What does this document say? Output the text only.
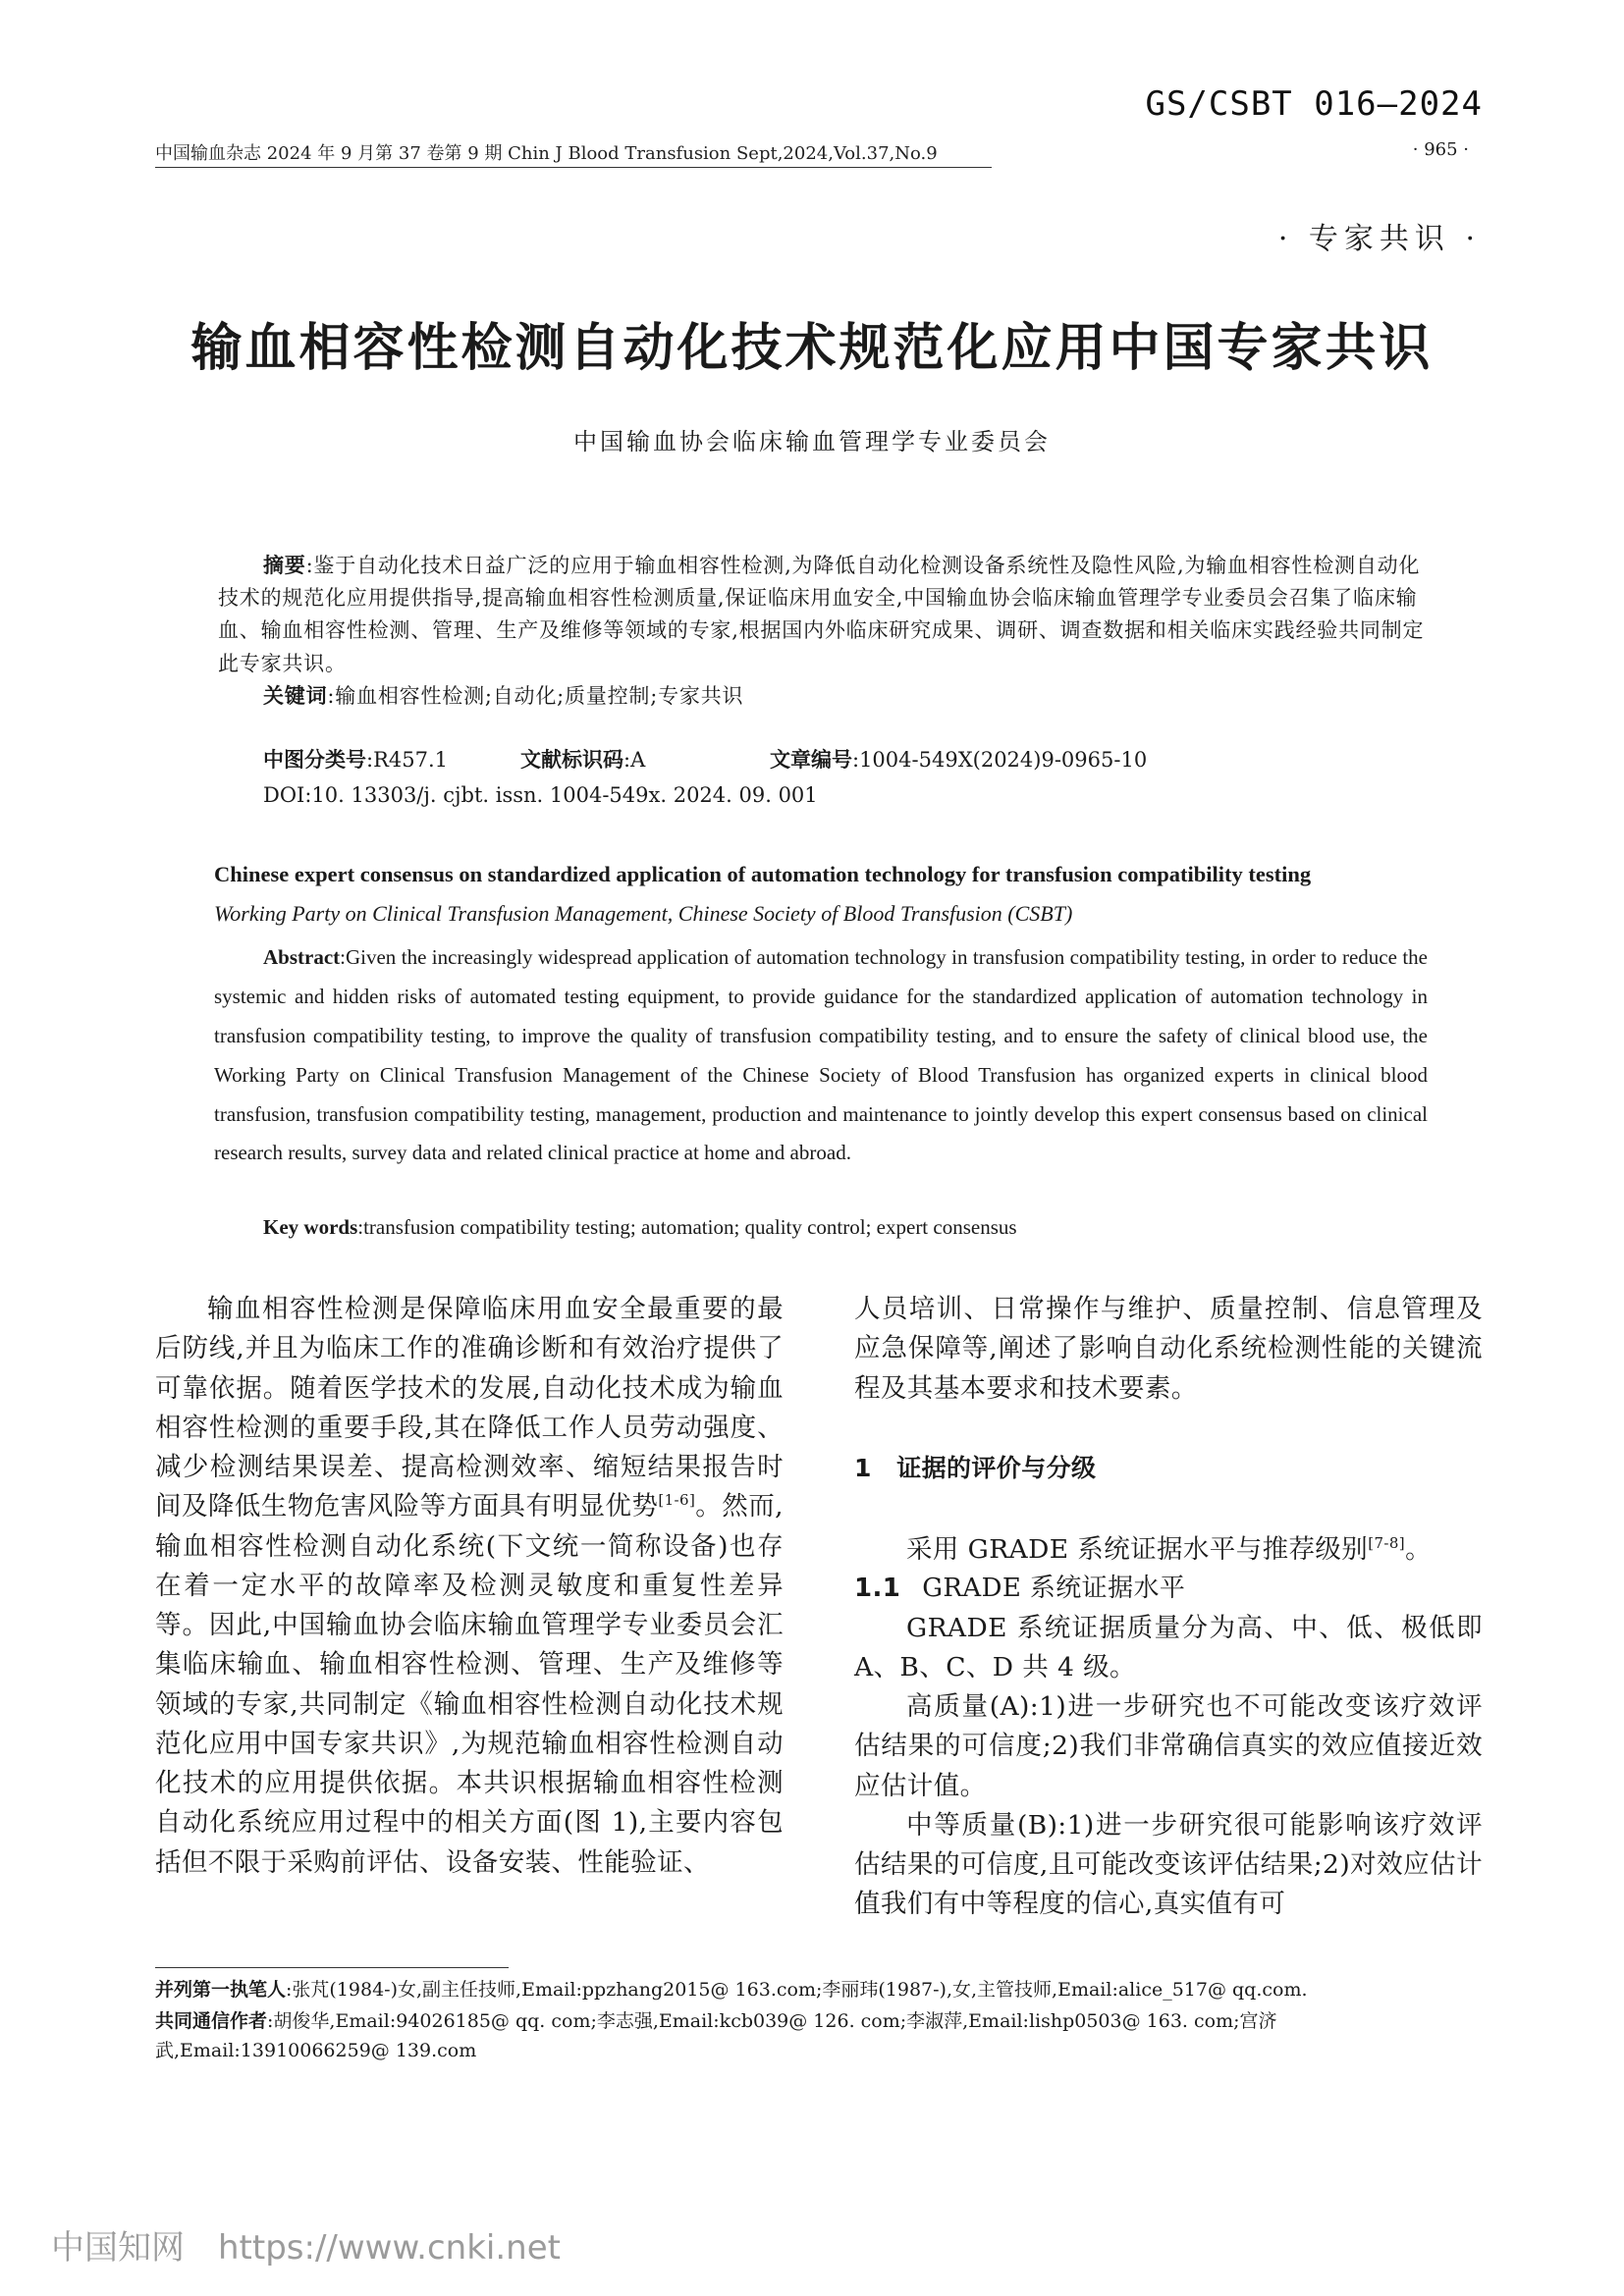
GS/CSBT 016—2024
中国输血杂志 2024 年 9 月第 37 卷第 9 期 Chin J Blood Transfusion Sept,2024,Vol.37,No.9	· 965 ·
· 专家共识 ·
输血相容性检测自动化技术规范化应用中国专家共识
中国输血协会临床输血管理学专业委员会
摘要:鉴于自动化技术日益广泛的应用于输血相容性检测,为降低自动化检测设备系统性及隐性风险,为输血相容性检测自动化技术的规范化应用提供指导,提高输血相容性检测质量,保证临床用血安全,中国输血协会临床输血管理学专业委员会召集了临床输血、输血相容性检测、管理、生产及维修等领域的专家,根据国内外临床研究成果、调研、调查数据和相关临床实践经验共同制定此专家共识。
关键词:输血相容性检测;自动化;质量控制;专家共识
中图分类号:R457.1	文献标识码:A	文章编号:1004-549X(2024)9-0965-10
DOI:10. 13303/j. cjbt. issn. 1004-549x. 2024. 09. 001
Chinese expert consensus on standardized application of automation technology for transfusion compatibility testing
Working Party on Clinical Transfusion Management, Chinese Society of Blood Transfusion (CSBT)
Abstract:Given the increasingly widespread application of automation technology in transfusion compatibility testing, in order to reduce the systemic and hidden risks of automated testing equipment, to provide guidance for the standardized application of automation technology in transfusion compatibility testing, to improve the quality of transfusion compatibility testing, and to ensure the safety of clinical blood use, the Working Party on Clinical Transfusion Management of the Chinese Society of Blood Transfusion has organized experts in clinical blood transfusion, transfusion compatibility testing, management, production and maintenance to jointly develop this expert consensus based on clinical research results, survey data and related clinical practice at home and abroad.
Key words:transfusion compatibility testing; automation; quality control; expert consensus

输血相容性检测是保障临床用血安全最重要的最后防线,并且为临床工作的准确诊断和有效治疗提供了可靠依据。随着医学技术的发展,自动化技术成为输血相容性检测的重要手段,其在降低工作人员劳动强度、减少检测结果误差、提高检测效率、缩短结果报告时间及降低生物危害风险等方面具有明显优势[1-6]。然而,输血相容性检测自动化系统(下文统一简称设备)也存在着一定水平的故障率及检测灵敏度和重复性差异等。因此,中国输血协会临床输血管理学专业委员会汇集临床输血、输血相容性检测、管理、生产及维修等领域的专家,共同制定《输血相容性检测自动化技术规范化应用中国专家共识》,为规范输血相容性检测自动化技术的应用提供依据。本共识根据输血相容性检测自动化系统应用过程中的相关方面(图 1),主要内容包括但不限于采购前评估、设备安装、性能验证、

人员培训、日常操作与维护、质量控制、信息管理及应急保障等,阐述了影响自动化系统检测性能的关键流程及其基本要求和技术要素。

1　证据的评价与分级

采用 GRADE 系统证据水平与推荐级别[7-8]。

1.1 GRADE 系统证据水平

GRADE 系统证据质量分为高、中、低、极低即 A、B、C、D 共 4 级。

高质量(A):1)进一步研究也不可能改变该疗效评估结果的可信度;2)我们非常确信真实的效应值接近效应估计值。

中等质量(B):1)进一步研究很可能影响该疗效评估结果的可信度,且可能改变该评估结果;2)对效应估计值我们有中等程度的信心,真实值有可

并列第一执笔人:张芃(1984-)女,副主任技师,Email:ppzhang2015@ 163.com;李丽玮(1987-),女,主管技师,Email:alice_517@ qq.com.
共同通信作者:胡俊华,Email:94026185@ qq. com;李志强,Email:kcb039@ 126. com;李淑萍,Email:lishp0503@ 163. com;宫济武,Email:13910066259@ 139.com
中国知网 https://www.cnki.net
